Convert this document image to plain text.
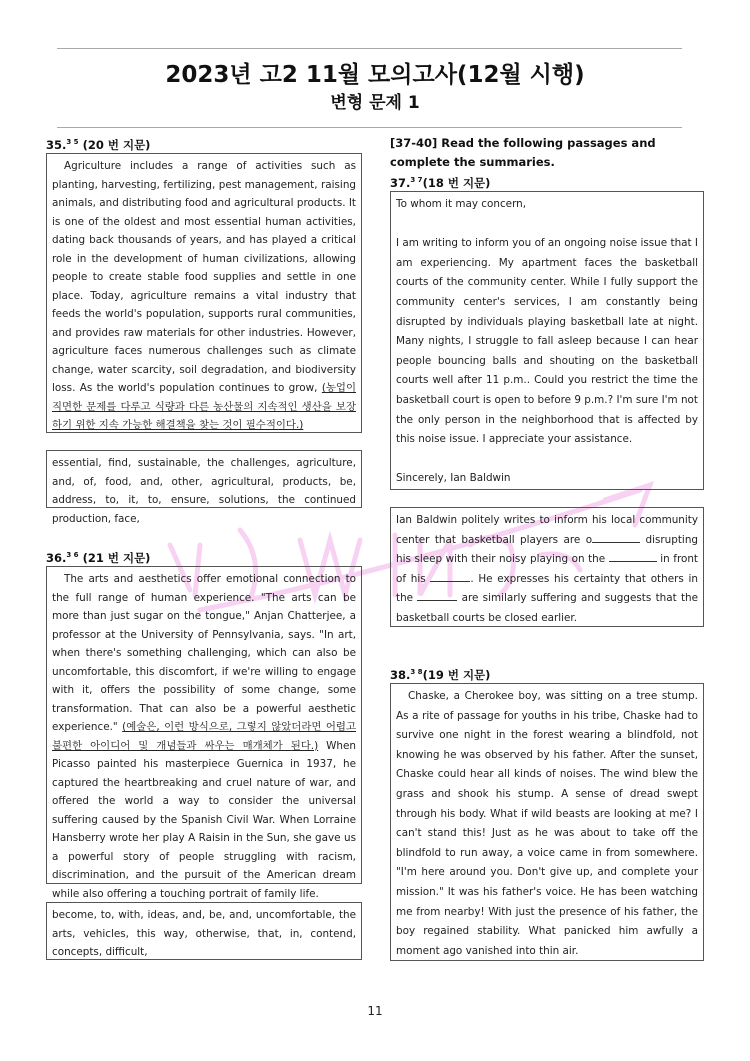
2023년 고2 11월 모의고사(12월 시행)
변형 문제 1
35.$^{3 5}$ (20 번 지문)
Agriculture includes a range of activities such as planting, harvesting, fertilizing, pest management, raising animals, and distributing food and agricultural products. It is one of the oldest and most essential human activities, dating back thousands of years, and has played a critical role in the development of human civilizations, allowing people to create stable food supplies and settle in one place. Today, agriculture remains a vital industry that feeds the world's population, supports rural communities, and provides raw materials for other industries. However, agriculture faces numerous challenges such as climate change, water scarcity, soil degradation, and biodiversity loss. As the world's population continues to grow, (농업이 직면한 문제를 다루고 식량과 다른 농산물의 지속적인 생산을 보장하기 위한 지속 가능한 해결책을 찾는 것이 필수적이다.)
essential, find, sustainable, the challenges, agriculture, and, of, food, and, other, agricultural, products, be, address, to, it, to, ensure, solutions, the continued production, face,
36.$^{3 6}$ (21 번 지문)
The arts and aesthetics offer emotional connection to the full range of human experience. "The arts can be more than just sugar on the tongue," Anjan Chatterjee, a professor at the University of Pennsylvania, says. "In art, when there's something challenging, which can also be uncomfortable, this discomfort, if we're willing to engage with it, offers the possibility of some change, some transformation. That can also be a powerful aesthetic experience." (예술은, 이런 방식으로, 그렇지 않았더라면 어렵고 불편한 아이디어 및 개념들과 싸우는 매개체가 된다.) When Picasso painted his masterpiece Guernica in 1937, he captured the heartbreaking and cruel nature of war, and offered the world a way to consider the universal suffering caused by the Spanish Civil War. When Lorraine Hansberry wrote her play A Raisin in the Sun, she gave us a powerful story of people struggling with racism, discrimination, and the pursuit of the American dream while also offering a touching portrait of family life.
become, to, with, ideas, and, be, and, uncomfortable, the arts, vehicles, this way, otherwise, that, in, contend, concepts, difficult,
[37-40] Read the following passages and complete the summaries.
37.$^{3 7}$(18 번 지문)
To whom it may concern,
I am writing to inform you of an ongoing noise issue that I am experiencing. My apartment faces the basketball courts of the community center. While I fully support the community center's services, I am constantly being disrupted by individuals playing basketball late at night. Many nights, I struggle to fall asleep because I can hear people bouncing balls and shouting on the basketball courts well after 11 p.m.. Could you restrict the time the basketball court is open to before 9 p.m.? I'm sure I'm not the only person in the neighborhood that is affected by this noise issue. I appreciate your assistance.
Sincerely, Ian Baldwin
Ian Baldwin politely writes to inform his local community center that basketball players are o	disrupting his sleep with their noisy playing on the	in front of his	. He expresses his certainty that others in the	are similarly suffering and suggests that the basketball courts be closed earlier.
38.$^{3 8}$(19 번 지문)
Chaske, a Cherokee boy, was sitting on a tree stump. As a rite of passage for youths in his tribe, Chaske had to survive one night in the forest wearing a blindfold, not knowing he was observed by his father. After the sunset, Chaske could hear all kinds of noises. The wind blew the grass and shook his stump. A sense of dread swept through his body. What if wild beasts are looking at me? I can't stand this! Just as he was about to take off the blindfold to run away, a voice came in from somewhere. "I'm here around you. Don't give up, and complete your mission." It was his father's voice. He has been watching me from nearby! With just the presence of his father, the boy regained stability. What panicked him awfully a moment ago vanished into thin air.
11
